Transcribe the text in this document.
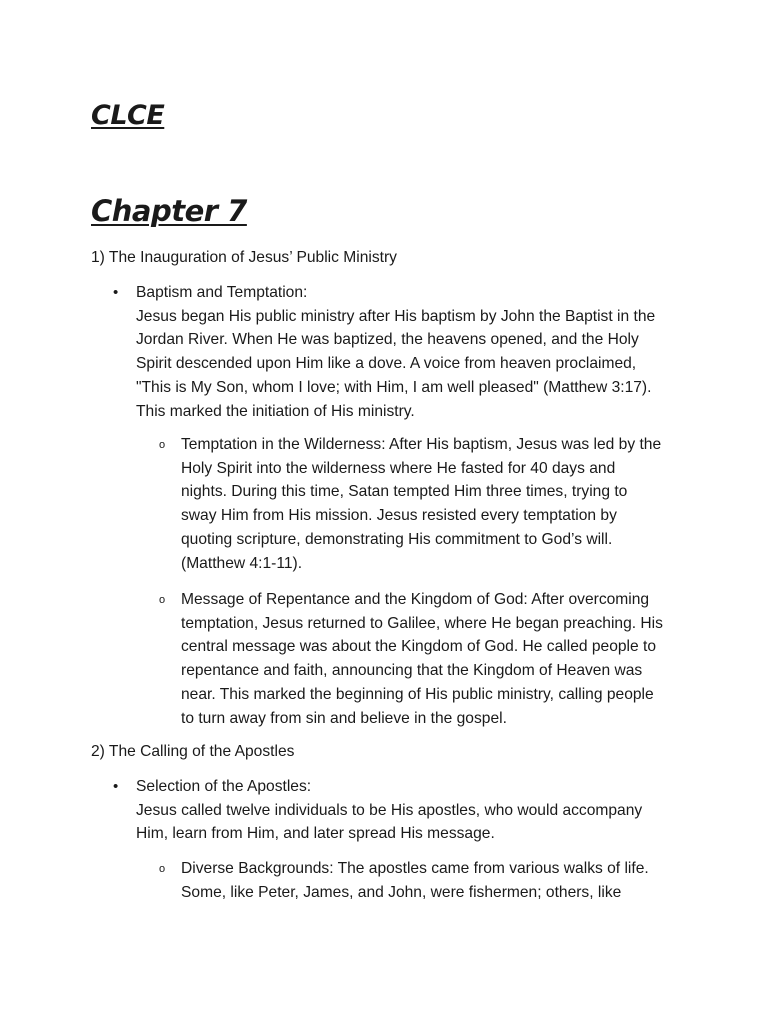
CLCE
Chapter 7

1) The Inauguration of Jesus’ Public Ministry

• Baptism and Temptation:
Jesus began His public ministry after His baptism by John the Baptist in the
Jordan River. When He was baptized, the heavens opened, and the Holy
Spirit descended upon Him like a dove. A voice from heaven proclaimed,
"This is My Son, whom I love; with Him, I am well pleased" (Matthew 3:17).
This marked the initiation of His ministry.
o Temptation in the Wilderness: After His baptism, Jesus was led by the
Holy Spirit into the wilderness where He fasted for 40 days and
nights. During this time, Satan tempted Him three times, trying to
sway Him from His mission. Jesus resisted every temptation by
quoting scripture, demonstrating His commitment to God’s will.
(Matthew 4:1-11).
o Message of Repentance and the Kingdom of God: After overcoming
temptation, Jesus returned to Galilee, where He began preaching. His
central message was about the Kingdom of God. He called people to
repentance and faith, announcing that the Kingdom of Heaven was
near. This marked the beginning of His public ministry, calling people
to turn away from sin and believe in the gospel.

2) The Calling of the Apostles

• Selection of the Apostles:
Jesus called twelve individuals to be His apostles, who would accompany
Him, learn from Him, and later spread His message.
o Diverse Backgrounds: The apostles came from various walks of life.
Some, like Peter, James, and John, were fishermen; others, like
